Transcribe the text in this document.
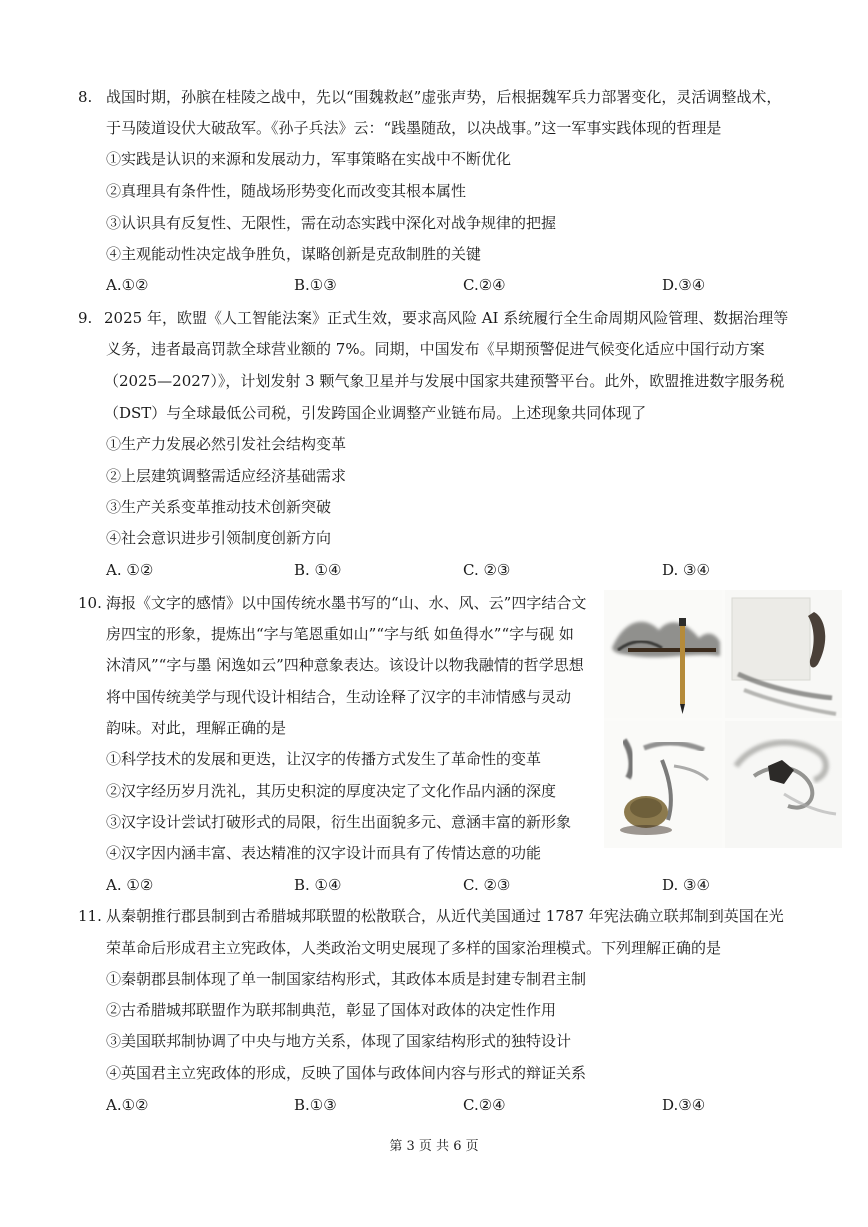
8. 战国时期，孙膑在桂陵之战中，先以“围魏救赵”虚张声势，后根据魏军兵力部署变化，灵活调整战术，
于马陵道设伏大破敌军。《孙子兵法》云：“践墨随敌，以决战事。”这一军事实践体现的哲理是
①实践是认识的来源和发展动力，军事策略在实战中不断优化
②真理具有条件性，随战场形势变化而改变其根本属性
③认识具有反复性、无限性，需在动态实践中深化对战争规律的把握
④主观能动性决定战争胜负，谋略创新是克敌制胜的关键
A.①②	B.①③	C.②④	D.③④
9. 2025 年，欧盟《人工智能法案》正式生效，要求高风险 AI 系统履行全生命周期风险管理、数据治理等
义务，违者最高罚款全球营业额的 7%。同期，中国发布《早期预警促进气候变化适应中国行动方案
（2025—2027）》，计划发射 3 颗气象卫星并与发展中国家共建预警平台。此外，欧盟推进数字服务税
（DST）与全球最低公司税，引发跨国企业调整产业链布局。上述现象共同体现了
①生产力发展必然引发社会结构变革
②上层建筑调整需适应经济基础需求
③生产关系变革推动技术创新突破
④社会意识进步引领制度创新方向
A. ①②	B. ①④	C. ②③	D. ③④
10. 海报《文字的感情》以中国传统水墨书写的“山、水、风、云”四字结合文
房四宝的形象，提炼出“字与笔恩重如山”“字与纸 如鱼得水”“字与砚 如
沐清风”“字与墨 闲逸如云”四种意象表达。该设计以物我融情的哲学思想
将中国传统美学与现代设计相结合，生动诠释了汉字的丰沛情感与灵动
韵味。对此，理解正确的是
①科学技术的发展和更迭，让汉字的传播方式发生了革命性的变革
②汉字经历岁月洗礼，其历史积淀的厚度决定了文化作品内涵的深度
③汉字设计尝试打破形式的局限，衍生出面貌多元、意涵丰富的新形象
④汉字因内涵丰富、表达精准的汉字设计而具有了传情达意的功能
A. ①②	B. ①④	C. ②③	D. ③④
11. 从秦朝推行郡县制到古希腊城邦联盟的松散联合，从近代美国通过 1787 年宪法确立联邦制到英国在光
荣革命后形成君主立宪政体，人类政治文明史展现了多样的国家治理模式。下列理解正确的是
①秦朝郡县制体现了单一制国家结构形式，其政体本质是封建专制君主制
②古希腊城邦联盟作为联邦制典范，彰显了国体对政体的决定性作用
③美国联邦制协调了中央与地方关系，体现了国家结构形式的独特设计
④英国君主立宪政体的形成，反映了国体与政体间内容与形式的辩证关系
A.①②	B.①③	C.②④	D.③④
第 3 页 共 6 页
